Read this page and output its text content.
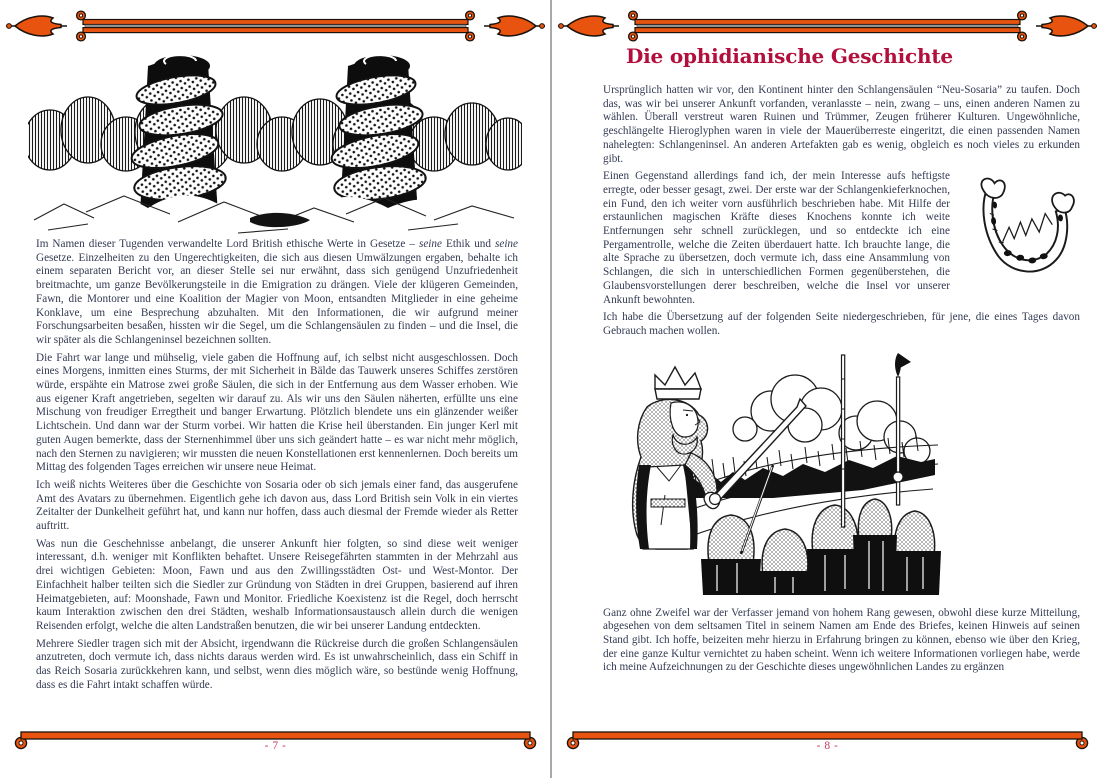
Im Namen dieser Tugenden verwandelte Lord British ethische Werte in Gesetze – seine Ethik und seine Gesetze. Einzelheiten zu den Ungerechtigkeiten, die sich aus diesen Umwälzungen ergaben, behalte ich einem separaten Bericht vor, an dieser Stelle sei nur erwähnt, dass sich genügend Unzufriedenheit breitmachte, um ganze Bevölkerungsteile in die Emigration zu drängen. Viele der klügeren Gemeinden, Fawn, die Montorer und eine Koalition der Magier von Moon, entsandten Mitglieder in eine geheime Konklave, um eine Besprechung abzuhalten. Mit den Informationen, die wir aufgrund meiner Forschungsarbeiten besaßen, hissten wir die Segel, um die Schlangensäulen zu finden – und die Insel, die wir später als die Schlangeninsel bezeichnen sollten.

Die Fahrt war lange und mühselig, viele gaben die Hoffnung auf, ich selbst nicht ausgeschlossen. Doch eines Morgens, inmitten eines Sturms, der mit Sicherheit in Bälde das Tauwerk unseres Schiffes zerstören würde, erspähte ein Matrose zwei große Säulen, die sich in der Entfernung aus dem Wasser erhoben. Wie aus eigener Kraft angetrieben, segelten wir darauf zu. Als wir uns den Säulen näherten, erfüllte uns eine Mischung von freudiger Erregtheit und banger Erwartung. Plötzlich blendete uns ein glänzender weißer Lichtschein. Und dann war der Sturm vorbei. Wir hatten die Krise heil überstanden. Ein junger Kerl mit guten Augen bemerkte, dass der Sternenhimmel über uns sich geändert hatte – es war nicht mehr möglich, nach den Sternen zu navigieren; wir mussten die neuen Konstellationen erst kennenlernen. Doch bereits um Mittag des folgenden Tages erreichen wir unsere neue Heimat.

Ich weiß nichts Weiteres über die Geschichte von Sosaria oder ob sich jemals einer fand, das ausgerufene Amt des Avatars zu übernehmen. Eigentlich gehe ich davon aus, dass Lord British sein Volk in ein viertes Zeitalter der Dunkelheit geführt hat, und kann nur hoffen, dass auch diesmal der Fremde wieder als Retter auftritt.

Was nun die Geschehnisse anbelangt, die unserer Ankunft hier folgten, so sind diese weit weniger interessant, d.h. weniger mit Konflikten behaftet. Unsere Reisegefährten stammten in der Mehrzahl aus drei wichtigen Gebieten: Moon, Fawn und aus den Zwillingsstädten Ost- und West-Montor. Der Einfachheit halber teilten sich die Siedler zur Gründung von Städten in drei Gruppen, basierend auf ihren Heimatgebieten, auf: Moonshade, Fawn und Monitor. Friedliche Koexistenz ist die Regel, doch herrscht kaum Interaktion zwischen den drei Städten, weshalb Informationsaustausch allein durch die wenigen Reisenden erfolgt, welche die alten Landstraßen benutzen, die wir bei unserer Landung entdeckten.

Mehrere Siedler tragen sich mit der Absicht, irgendwann die Rückreise durch die großen Schlangensäulen anzutreten, doch vermute ich, dass nichts daraus werden wird. Es ist unwahrscheinlich, dass ein Schiff in das Reich Sosaria zurückkehren kann, und selbst, wenn dies möglich wäre, so bestünde wenig Hoffnung, dass es die Fahrt intakt schaffen würde.

- 7 -
Die ophidianische Geschichte

Ursprünglich hatten wir vor, den Kontinent hinter den Schlangensäulen “Neu-Sosaria” zu taufen. Doch das, was wir bei unserer Ankunft vorfanden, veranlasste – nein, zwang – uns, einen anderen Namen zu wählen. Überall verstreut waren Ruinen und Trümmer, Zeugen früherer Kulturen. Ungewöhnliche, geschlängelte Hieroglyphen waren in viele der Mauerüberreste eingeritzt, die einen passenden Namen nahelegten: Schlangeninsel. An anderen Artefakten gab es wenig, obgleich es noch vieles zu erkunden gibt.

Einen Gegenstand allerdings fand ich, der mein Interesse aufs heftigste erregte, oder besser gesagt, zwei. Der erste war der Schlangenkieferknochen, ein Fund, den ich weiter vorn ausführlich beschrieben habe. Mit Hilfe der erstaunlichen magischen Kräfte dieses Knochens konnte ich weite Entfernungen sehr schnell zurücklegen, und so entdeckte ich eine Pergamentrolle, welche die Zeiten überdauert hatte. Ich brauchte lange, die alte Sprache zu übersetzen, doch vermute ich, dass eine Ansammlung von Schlangen, die sich in unterschiedlichen Formen gegenüberstehen, die Glaubensvorstellungen derer beschreiben, welche die Insel vor unserer Ankunft bewohnten.

Ich habe die Übersetzung auf der folgenden Seite niedergeschrieben, für jene, die eines Tages davon Gebrauch machen wollen.

Ganz ohne Zweifel war der Verfasser jemand von hohem Rang gewesen, obwohl diese kurze Mitteilung, abgesehen von dem seltsamen Titel in seinem Namen am Ende des Briefes, keinen Hinweis auf seinen Stand gibt. Ich hoffe, beizeiten mehr hierzu in Erfahrung bringen zu können, ebenso wie über den Krieg, der eine ganze Kultur vernichtet zu haben scheint. Wenn ich weitere Informationen vorliegen habe, werde ich meine Aufzeichnungen zu der Geschichte dieses ungewöhnlichen Landes zu ergänzen

- 8 -
